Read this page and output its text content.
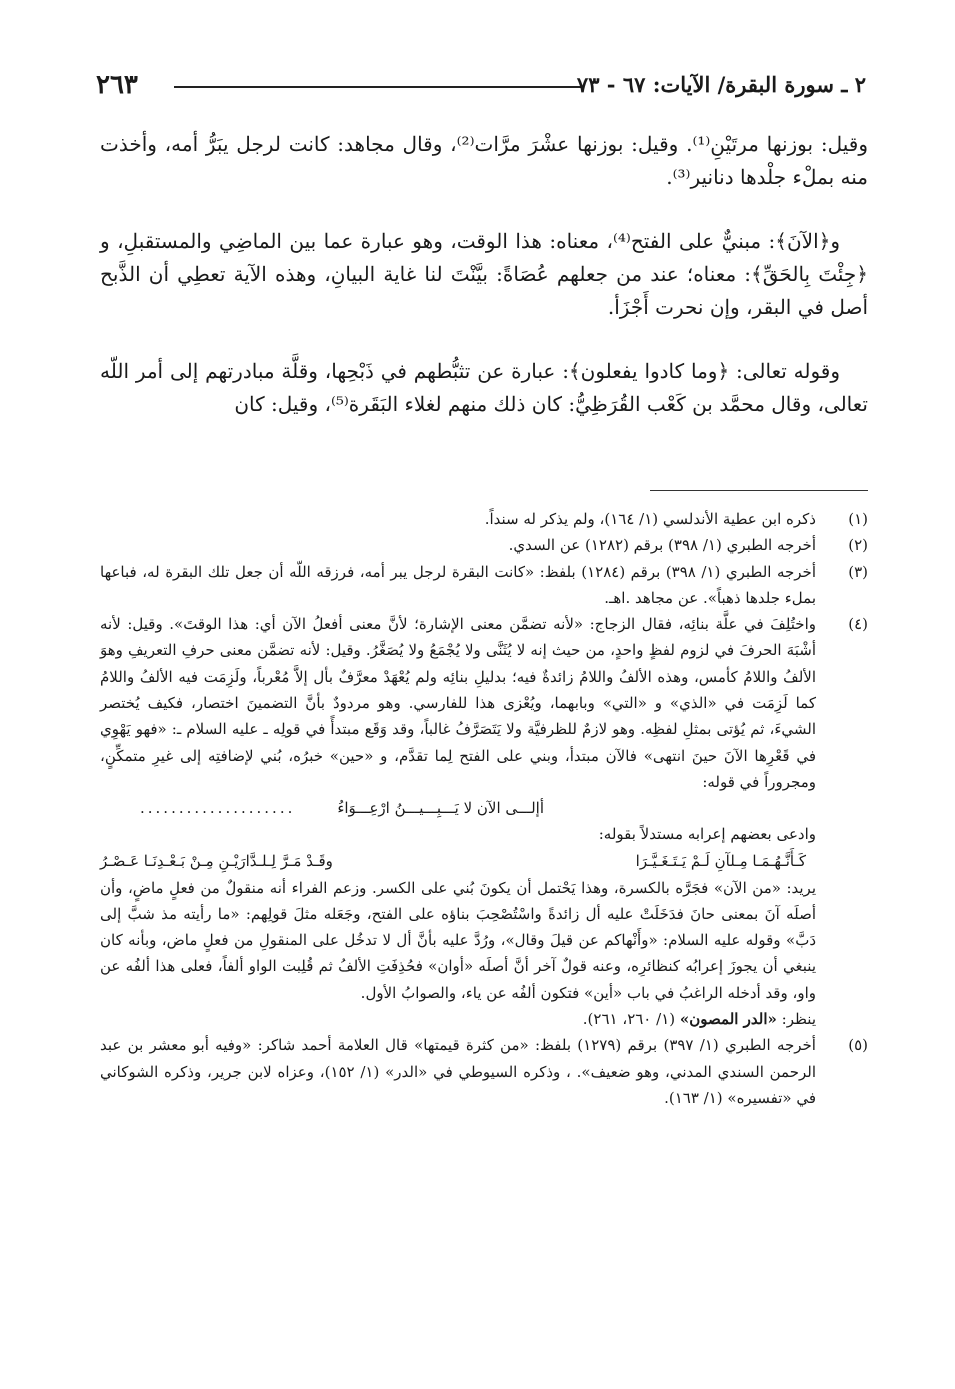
٢٦٣	٢ ـ سورة البقرة/ الآيات: ٦٧ - ٧٣

وقيل: بوزنها مرتَيْنِ⁽¹⁾. وقيل: بوزنها عشْرَ مرَّات⁽²⁾، وقال مجاهد: كانت لرجل يبَرُّ أمه، وأخذت منه بملْء جلْدها دنانير⁽³⁾.

و﴿الآنَ﴾: مبنيٌّ على الفتح⁽⁴⁾، معناه: هذا الوقت، وهو عبارة عما بين الماضِي والمستقبلِ، و ﴿جِئْتَ بِالحَقِّ﴾: معناه؛ عند من جعلهم عُصَاةً: بيَّنْتَ لنا غاية البيانِ، وهذه الآية تعطِي أن الذَّبح أصل في البقر، وإن نحرت أَجْزَأ.

وقوله تعالى: ﴿وما كادوا يفعلون﴾: عبارة عن تثبُّطهم في ذَبْحِها، وقلَّة مبادرتهم إلى أمر اللّه تعالى، وقال محمَّد بن كَعْب القُرَظِيُّ: كان ذلك منهم لغلاء البَقَرة⁽⁵⁾، وقيل: كان

(١)

ذكره ابن عطية الأندلسي (١/ ١٦٤)، ولم يذكر له سنداً.

(٢)

أخرجه الطبري (١/ ٣٩٨) برقم (١٢٨٢) عن السدي.

(٣)

أخرجه الطبري (١/ ٣٩٨) برقم (١٢٨٤) بلفظ: «كانت البقرة لرجل يبر أمه، فرزقه اللّه أن جعل تلك البقرة له، فباعها بملء جلدها ذهباً». عن مجاهد .اهـ.

(٤)

واختُلِفَ في علَّة بنائِه، فقال الزجاج: «لأنه تضمَّن معنى الإشارة؛ لأنَّ معنى أفعلُ الآن أي: هذا الوقتَ». وقيل: لأنه أشْبَهَ الحرفَ في لزوم لفظٍ واحدٍ، من حيث إنه لا يُثَنَّى ولا يُجْمَعُ ولا يُصَغَّرُ. وقيل: لأنه تضمَّن معنى حرفِ التعريفِ وهوَ الألفُ واللامُ كأمس، وهذه الألفُ واللامُ زائدةٌ فيه؛ بدليلِ بنائِه ولم يُعْهَدْ معرَّفٌ بأل إلاَّ مُعْرباً، ولَزِمَت فيه الألفُ واللامُ كما لَزِمَت في «الذي» و «التي» وبابهما، ويُعْزى هذا للفارسي. وهو مردودٌ بأنَّ التضمينَ اختصار، فكيف يُختصر الشيءَ، ثم يُؤتى بمثلِ لفظِه. وهو لازمٌ للظرفيَّة ولا يَتَصَرَّفُ غالباً، وقد وَقَع مبتدأً في قولِه ـ عليه السلام ـ: «فهو يَهْوِي في قَعْرِها الآنَ حينَ انتهى» فالآن مبتدأ، وبني على الفتح لِما تقدَّم، و «حين» خبرُه، بُني لإضافتِه إلى غيرِ متمكِّنٍ، ومجروراً في قوله:

أإلـــى الآن لا يَـــبِـــيـــنُ ارْعِـــوَاءُ
....................

وادعى بعضهم إعرابه مستدلاً بقوله:

كَـأَنَّـهُـمَـا مِـلآنِ لَـمْ يَـتَـغَـيَّـرَا
وقَـدْ مَـرَّ لِـلـدَّارَيْـنِ مِـنْ بَـعْـدِنَـا عَـصْـرُ

يريد: «من الآن» فجَرَّه بالكسرة، وهذا يَحْتمل أن يكونَ بُني على الكسر. وزعم الفراء أنه منقولٌ من فعلٍ ماضٍ، وأن أصلَه آنَ بمعنى حانَ فدَخَلَتْ عليه أل زائدةً واسْتُصْحِبَ بناؤه على الفتح، وجَعَله مثلَ قولِهم: «ما رأيته مذ شبَّ إلى دَبَّ» وقوله عليه السلام: «وأَنْهاكم عن قيلَ وقال»، ورُدَّ عليه بأنَّ أل لا تدخُل على المنقولِ من فعلٍ ماض، وبأنه كان ينبغي أن يجوزَ إعرابُه كنظائرِه، وعنه قولٌ آخر أنَّ أصلَه «أوان» فحُذِفَتِ الألفُ ثم قُلِبت الواو ألفاً، فعلى هذا ألفُه عن واو، وقد أدخله الراغبُ في باب «أين» فتكون ألفُه عن ياء، والصوابُ الأول.

ينظر: «الدر المصون» (١/ ٢٦٠، ٢٦١).

(٥)

أخرجه الطبري (١/ ٣٩٧) برقم (١٢٧٩) بلفظ: «من كثرة قيمتها» قال العلامة أحمد شاكر: «وفيه أبو معشر بن عبد الرحمن السندي المدني، وهو ضعيف». ، وذكره السيوطي في «الدر» (١/ ١٥٢)، وعزاه لابن جرير، وذكره الشوكاني في «تفسيره» (١/ ١٦٣).
